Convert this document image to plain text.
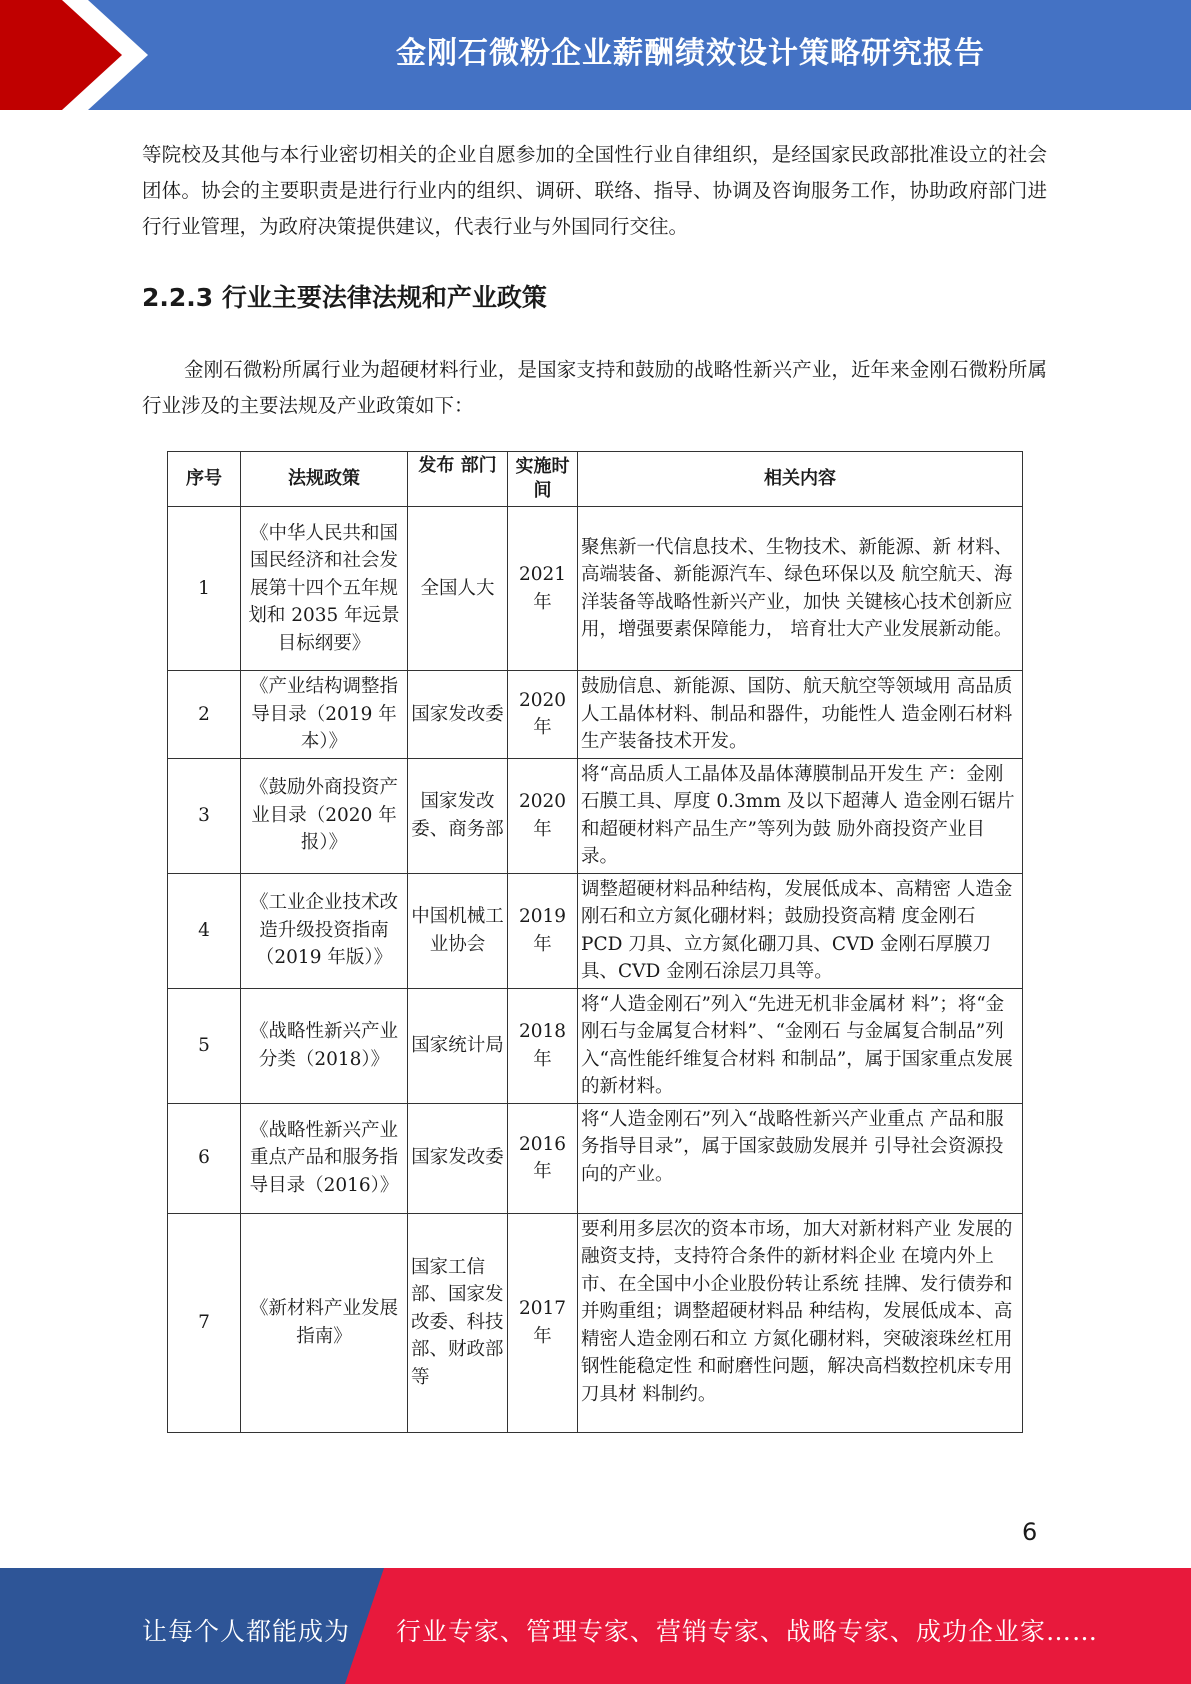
金刚石微粉企业薪酬绩效设计策略研究报告

等院校及其他与本行业密切相关的企业自愿参加的全国性行业自律组织，是经国家民政部批准设立的社会团体。协会的主要职责是进行行业内的组织、调研、联络、指导、协调及咨询服务工作，协助政府部门进行行业管理，为政府决策提供建议，代表行业与外国同行交往。

2.2.3 行业主要法律法规和产业政策

金刚石微粉所属行业为超硬材料行业，是国家支持和鼓励的战略性新兴产业，近年来金刚石微粉所属行业涉及的主要法规及产业政策如下：

序号	法规政策	发布 部门	实施时间	相关内容
1	《中华人民共和国国民经济和社会发展第十四个五年规划和 2035 年远景目标纲要》	全国人大	2021 年	聚焦新一代信息技术、生物技术、新能源、新 材料、高端装备、新能源汽车、绿色环保以及 航空航天、海洋装备等战略性新兴产业，加快 关键核心技术创新应用，增强要素保障能力， 培育壮大产业发展新动能。
2	《产业结构调整指导目录（2019 年本）》	国家发改委	2020 年	鼓励信息、新能源、国防、航天航空等领域用 高品质人工晶体材料、制品和器件，功能性人 造金刚石材料生产装备技术开发。
3	《鼓励外商投资产业目录（2020 年报）》	国家发改委、商务部	2020 年	将“高品质人工晶体及晶体薄膜制品开发生 产：金刚石膜工具、厚度 0.3mm 及以下超薄人 造金刚石锯片和超硬材料产品生产”等列为鼓 励外商投资产业目录。
4	《工业企业技术改造升级投资指南（2019 年版）》	中国机械工业协会	2019 年	调整超硬材料品种结构，发展低成本、高精密 人造金刚石和立方氮化硼材料；鼓励投资高精 度金刚石 PCD 刀具、立方氮化硼刀具、CVD 金刚石厚膜刀具、CVD 金刚石涂层刀具等。
5	《战略性新兴产业分类（2018）》	国家统计局	2018 年	将“人造金刚石”列入“先进无机非金属材 料”；将“金刚石与金属复合材料”、“金刚石 与金属复合制品”列入“高性能纤维复合材料 和制品”，属于国家重点发展的新材料。
6	《战略性新兴产业重点产品和服务指导目录（2016）》	国家发改委	2016 年	将“人造金刚石”列入“战略性新兴产业重点 产品和服务指导目录”，属于国家鼓励发展并 引导社会资源投向的产业。
7	《新材料产业发展指南》	国家工信部、国家发改委、科技部、财政部等	2017 年	要利用多层次的资本市场，加大对新材料产业 发展的融资支持，支持符合条件的新材料企业 在境内外上市、在全国中小企业股份转让系统 挂牌、发行债券和并购重组；调整超硬材料品 种结构，发展低成本、高精密人造金刚石和立 方氮化硼材料，突破滚珠丝杠用钢性能稳定性 和耐磨性问题，解决高档数控机床专用刀具材 料制约。
6
让每个人都能成为 行业专家、管理专家、营销专家、战略专家、成功企业家……
